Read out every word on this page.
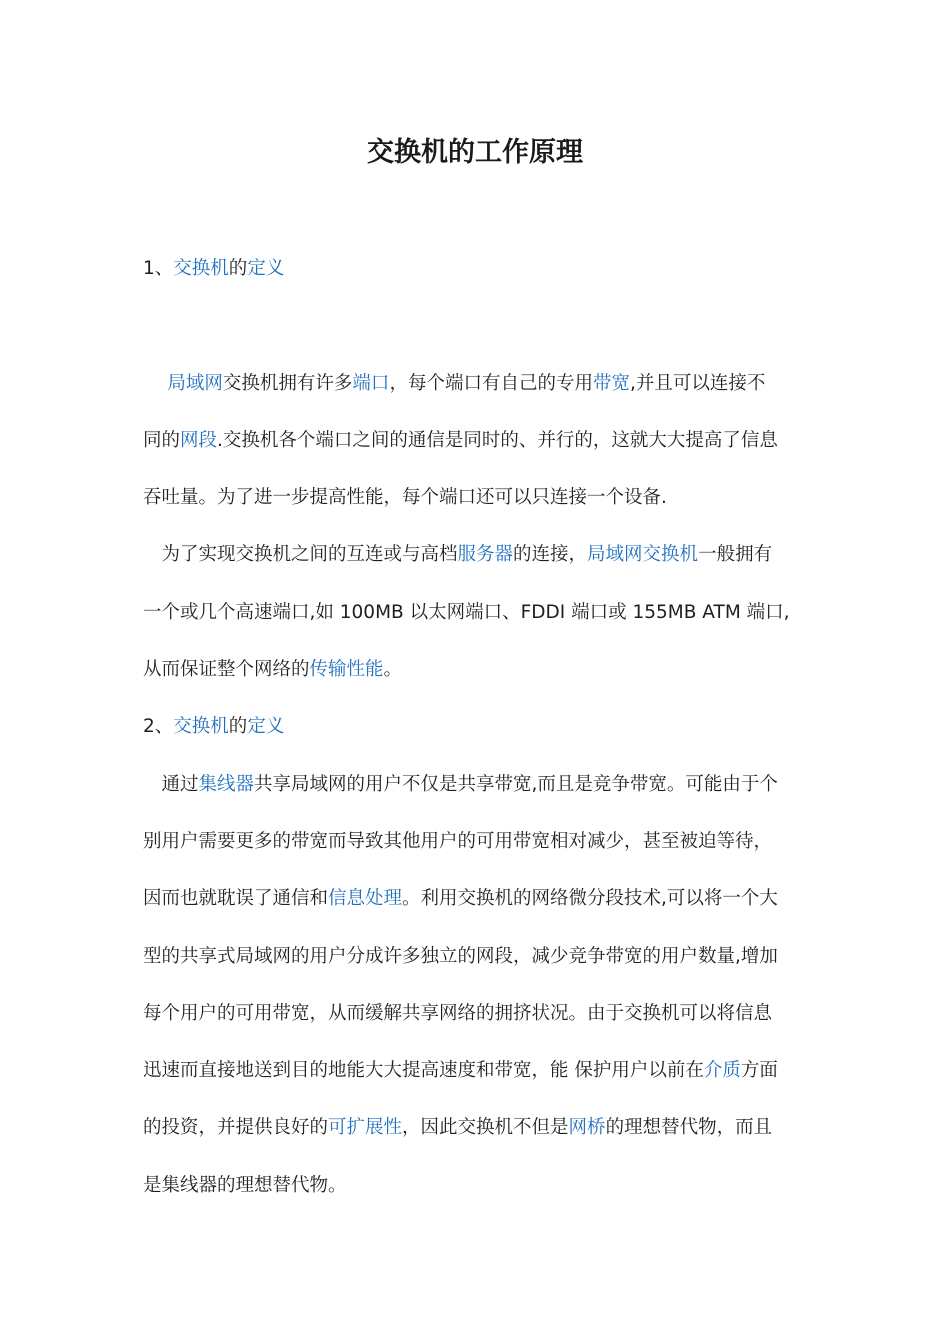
交换机的工作原理
1、交换机的定义
　 局域网交换机拥有许多端口，每个端口有自己的专用带宽,并且可以连接不
同的网段.交换机各个端口之间的通信是同时的、并行的，这就大大提高了信息
吞吐量。为了进一步提高性能，每个端口还可以只连接一个设备.
　为了实现交换机之间的互连或与高档服务器的连接，局域网交换机一般拥有
一个或几个高速端口,如 100MB 以太网端口、FDDI 端口或 155MB ATM 端口,
从而保证整个网络的传输性能。
2、交换机的定义
　通过集线器共享局域网的用户不仅是共享带宽,而且是竞争带宽。可能由于个
别用户需要更多的带宽而导致其他用户的可用带宽相对减少，甚至被迫等待，
因而也就耽误了通信和信息处理。利用交换机的网络微分段技术,可以将一个大
型的共享式局域网的用户分成许多独立的网段，减少竞争带宽的用户数量,增加
每个用户的可用带宽，从而缓解共享网络的拥挤状况。由于交换机可以将信息
迅速而直接地送到目的地能大大提高速度和带宽，能 保护用户以前在介质方面
的投资，并提供良好的可扩展性，因此交换机不但是网桥的理想替代物，而且
是集线器的理想替代物。
